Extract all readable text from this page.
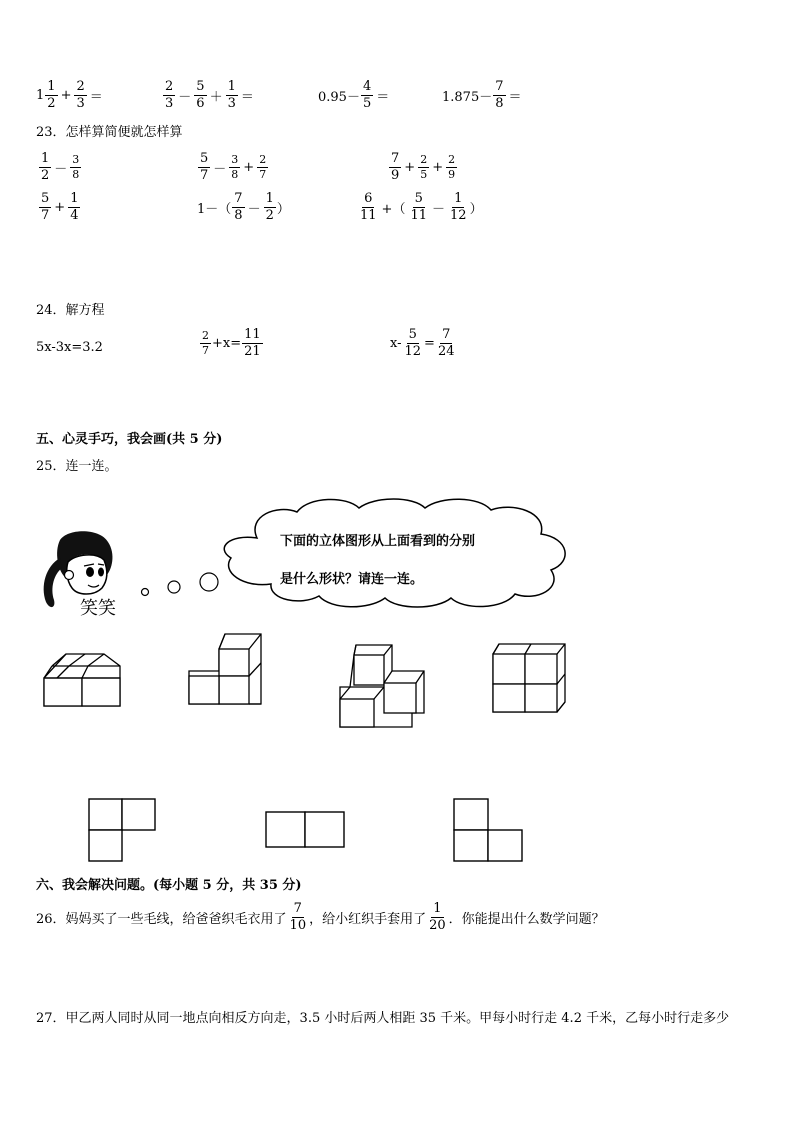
$1 \frac{1}{2} + \frac{2}{3}$ ＝	$\frac{2}{3} - \frac{5}{6} + \frac{1}{3}$ ＝	$0.95- \frac{4}{5}$ ＝	$1.875- \frac{7}{8}$ ＝
23．怎样算简便就怎样算
$\frac{1}{2} - \frac{3}{8}$	$\frac{5}{7} - \frac{3}{8} + \frac{2}{7}$	$\frac{7}{9} + \frac{2}{5} + \frac{2}{9}$
$\frac{5}{7} + \frac{1}{4}$	$1-( \frac{7}{8} - \frac{1}{2}$ ）	$\frac{6}{11}$ +（ $\frac{5}{11} - \frac{1}{12}$ ）
24．解方程
5x-3x=3.2	$\frac{2}{7} +x= \frac{11}{21}$	$x- \frac{5}{12} = \frac{7}{24}$
五、心灵手巧，我会画(共 5 分)
25．连一连。
笑笑
下面的立体图形从上面看到的分别
是什么形状？请连一连。
六、我会解决问题。(每小题 5 分，共 35 分)
26．妈妈买了一些毛线，给爸爸织毛衣用了 $\frac{7}{10}$ ，给小红织手套用了 $\frac{1}{20}$ ．你能提出什么数学问题？
27．甲乙两人同时从同一地点向相反方向走，3.5 小时后两人相距 35 千米。甲每小时行走 4.2 千米，乙每小时行走多少
